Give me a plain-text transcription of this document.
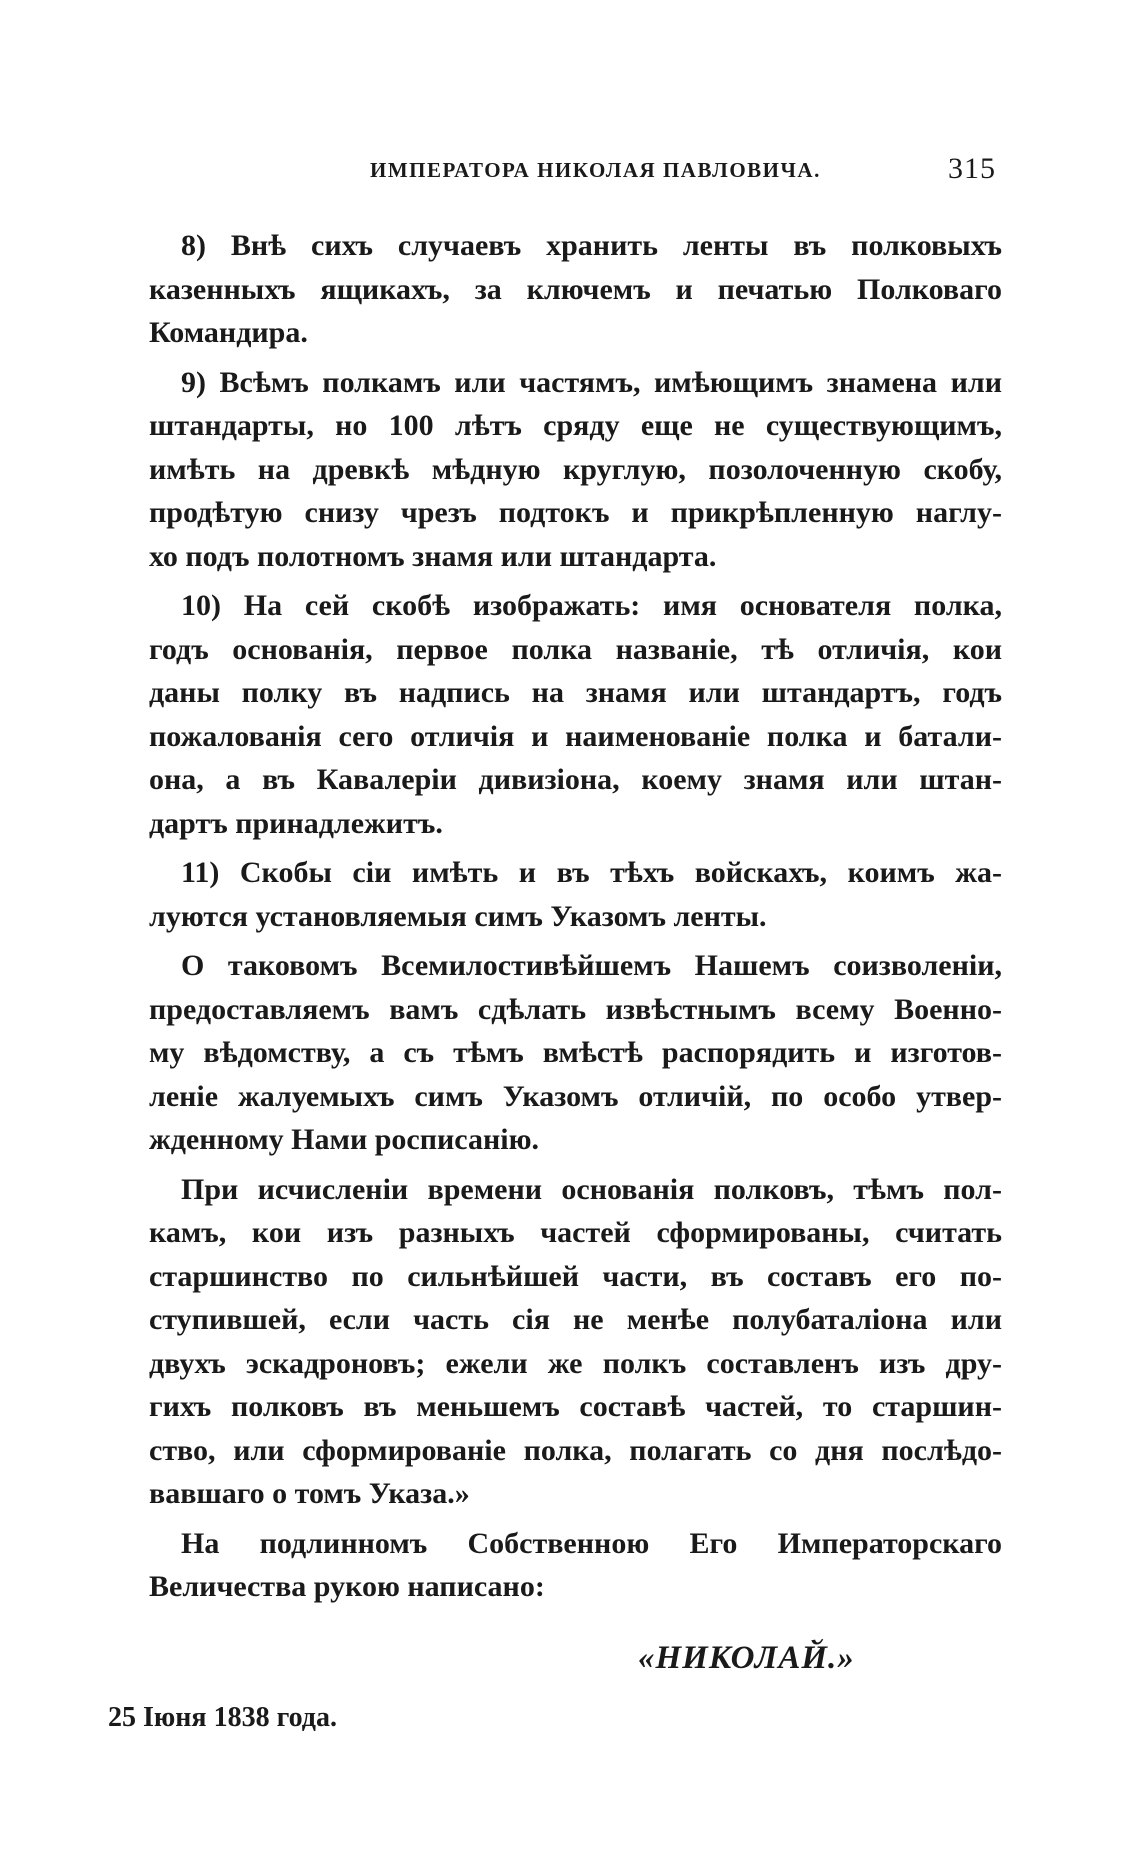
ИМПЕРАТОРА НИКОЛАЯ ПАВЛОВИЧА.	315

8) Внѣ сихъ случаевъ хранить ленты въ полковыхъ
казенныхъ ящикахъ, за ключемъ и печатью Полковаго
Командира.

9) Всѣмъ полкамъ или частямъ, имѣющимъ знамена или
штандарты, но 100 лѣтъ сряду еще не существующимъ,
имѣть на древкѣ мѣдную круглую, позолоченную скобу,
продѣтую снизу чрезъ подтокъ и прикрѣпленную наглу-
хо подъ полотномъ знамя или штандарта.

10) На сей скобѣ изображать: имя основателя полка,
годъ основанія, первое полка названіе, тѣ отличія, кои
даны полку въ надпись на знамя или штандартъ, годъ
пожалованія сего отличія и наименованіе полка и батали-
она, а въ Кавалеріи дивизіона, коему знамя или штан-
дартъ принадлежитъ.

11) Скобы сіи имѣть и въ тѣхъ войскахъ, коимъ жа-
луются установляемыя симъ Указомъ ленты.

О таковомъ Всемилостивѣйшемъ Нашемъ соизволеніи,
предоставляемъ вамъ сдѣлать извѣстнымъ всему Военно-
му вѣдомству, а съ тѣмъ вмѣстѣ распорядить и изготов-
леніе жалуемыхъ симъ Указомъ отличій, по особо утвер-
жденному Нами росписанію.

При исчисленіи времени основанія полковъ, тѣмъ пол-
камъ, кои изъ разныхъ частей сформированы, считать
старшинство по сильнѣйшей части, въ составъ его по-
ступившей, если часть сія не менѣе полубаталіона или
двухъ эскадроновъ; ежели же полкъ составленъ изъ дру-
гихъ полковъ въ меньшемъ составѣ частей, то старшин-
ство, или сформированіе полка, полагать со дня послѣдо-
вавшаго о томъ Указа.»

На подлинномъ Собственною Его Императорскаго
Величества рукою написано:

«НИКОЛАЙ.»
25 Іюня 1838 года.
